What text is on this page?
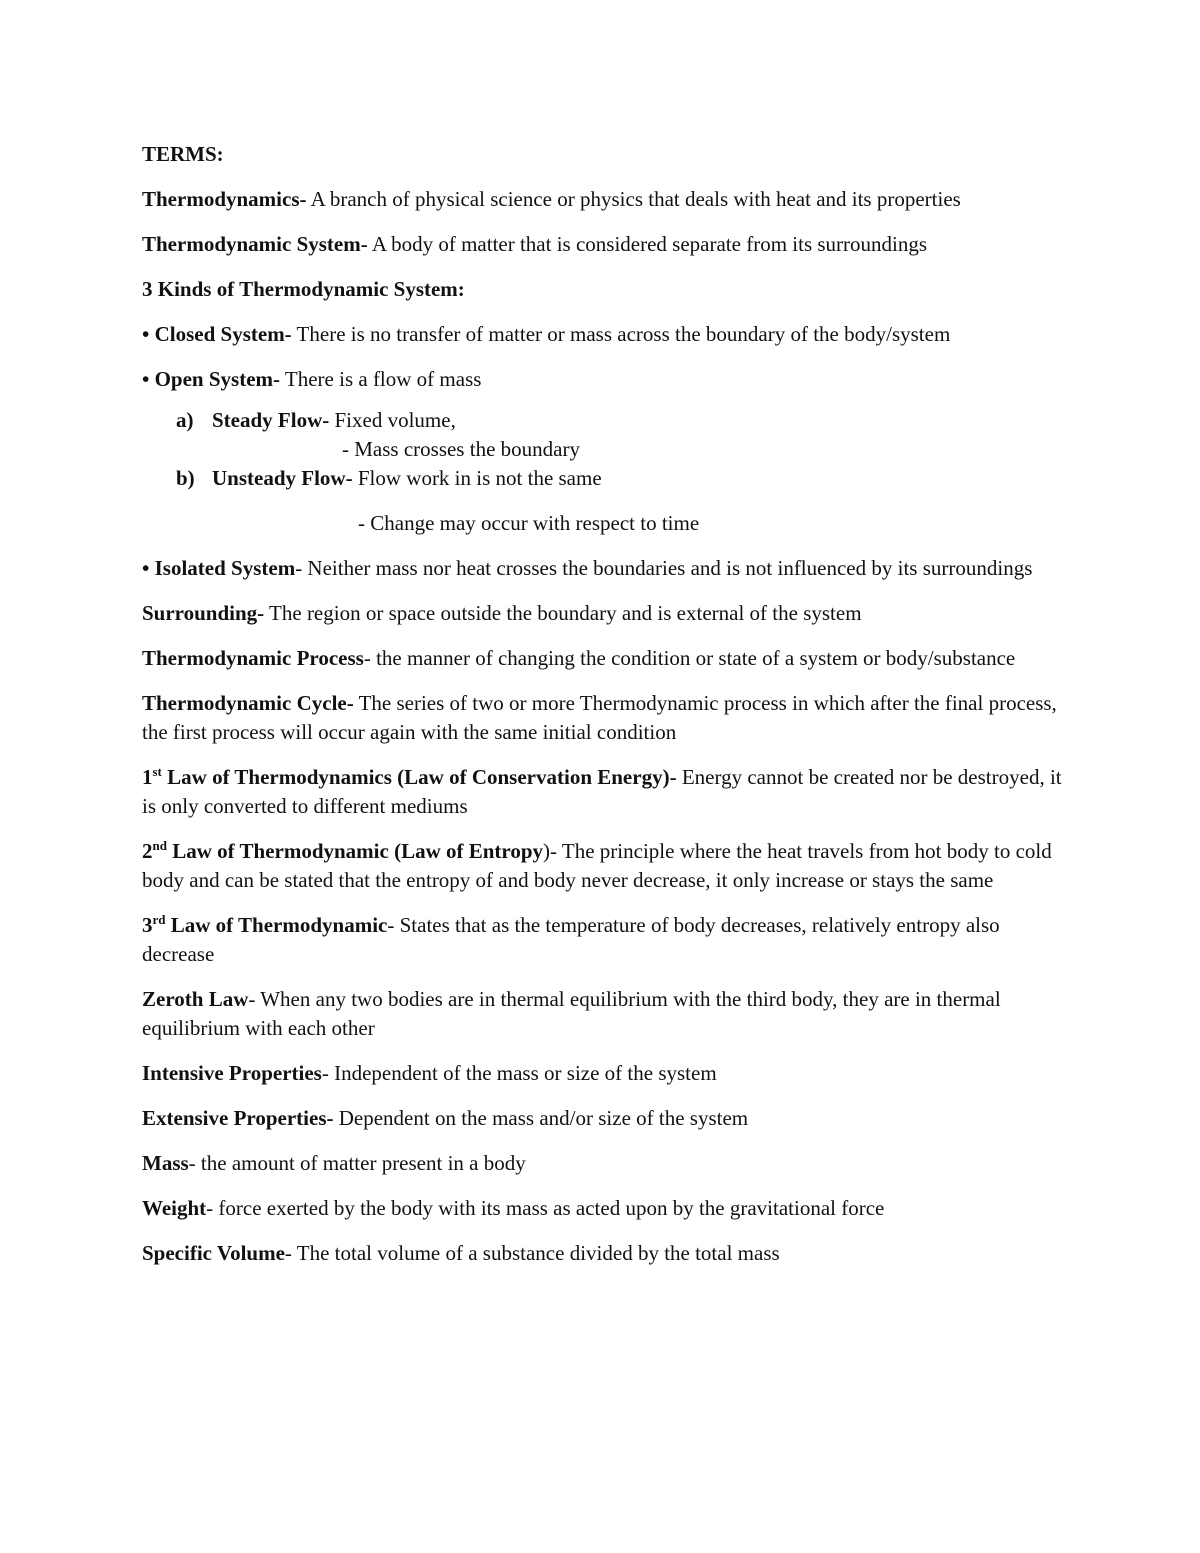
TERMS:

Thermodynamics- A branch of physical science or physics that deals with heat and its properties

Thermodynamic System- A body of matter that is considered separate from its surroundings

3 Kinds of Thermodynamic System:

• Closed System- There is no transfer of matter or mass across the boundary of the body/system

• Open System- There is a flow of mass

a) Steady Flow- Fixed volume,

- Mass crosses the boundary

b) Unsteady Flow- Flow work in is not the same

- Change may occur with respect to time

• Isolated System- Neither mass nor heat crosses the boundaries and is not influenced by its surroundings

Surrounding- The region or space outside the boundary and is external of the system

Thermodynamic Process- the manner of changing the condition or state of a system or body/substance

Thermodynamic Cycle- The series of two or more Thermodynamic process in which after the final process, the first process will occur again with the same initial condition

1st Law of Thermodynamics (Law of Conservation Energy)- Energy cannot be created nor be destroyed, it is only converted to different mediums

2nd Law of Thermodynamic (Law of Entropy)- The principle where the heat travels from hot body to cold body and can be stated that the entropy of and body never decrease, it only increase or stays the same

3rd Law of Thermodynamic- States that as the temperature of body decreases, relatively entropy also decrease

Zeroth Law- When any two bodies are in thermal equilibrium with the third body, they are in thermal equilibrium with each other

Intensive Properties- Independent of the mass or size of the system

Extensive Properties- Dependent on the mass and/or size of the system

Mass- the amount of matter present in a body

Weight- force exerted by the body with its mass as acted upon by the gravitational force

Specific Volume- The total volume of a substance divided by the total mass
